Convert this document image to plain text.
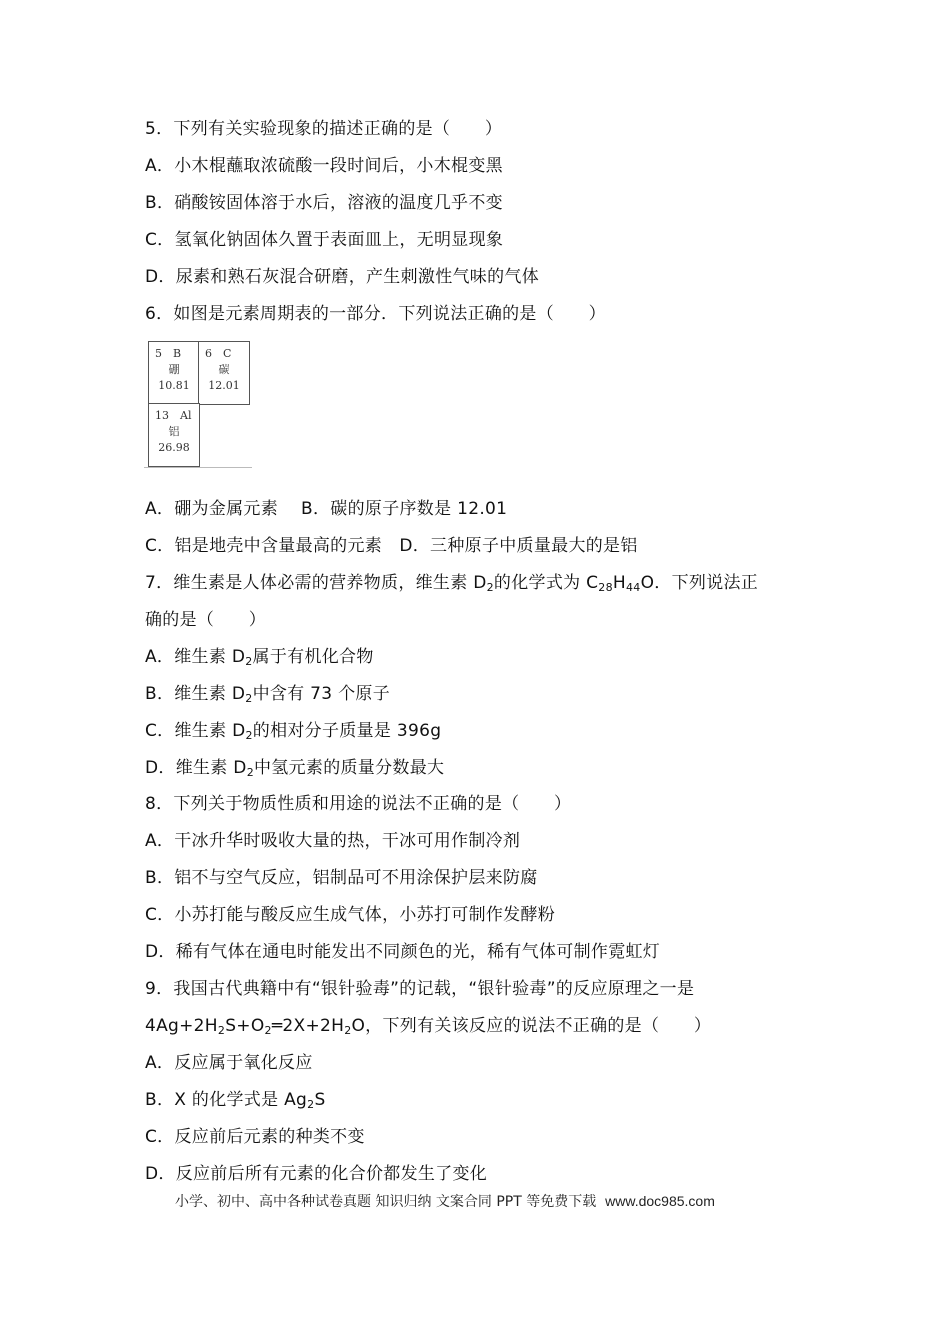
5．下列有关实验现象的描述正确的是（　　）
A．小木棍蘸取浓硫酸一段时间后，小木棍变黑
B．硝酸铵固体溶于水后，溶液的温度几乎不变
C．氢氧化钠固体久置于表面皿上，无明显现象
D．尿素和熟石灰混合研磨，产生刺激性气味的气体
6．如图是元素周期表的一部分．下列说法正确的是（　　）
5　B
硼
10.81
6　C
碳
12.01
13　Al
铝
26.98
A．硼为金属元素　 B．碳的原子序数是 12.01
C．铝是地壳中含量最高的元素　D．三种原子中质量最大的是铝
7．维生素是人体必需的营养物质，维生素 $D_2$的化学式为 $C_{28}H_{44}O$．下列说法正
确的是（　　）
A．维生素 $D_2$属于有机化合物
B．维生素 $D_2$中含有 73 个原子
C．维生素 $D_2$的相对分子质量是 396g
D．维生素 $D_2$中氢元素的质量分数最大
8．下列关于物质性质和用途的说法不正确的是（　　）
A．干冰升华时吸收大量的热，干冰可用作制冷剂
B．铝不与空气反应，铝制品可不用涂保护层来防腐
C．小苏打能与酸反应生成气体，小苏打可制作发酵粉
D．稀有气体在通电时能发出不同颜色的光，稀有气体可制作霓虹灯
9．我国古代典籍中有“银针验毒”的记载，“银针验毒”的反应原理之一是
$4Ag+2H_2S+O_2═2X+2H_2O$，下列有关该反应的说法不正确的是（　　）
A．反应属于氧化反应
B．X 的化学式是 $Ag_2S$
C．反应前后元素的种类不变
D．反应前后所有元素的化合价都发生了变化
小学、初中、高中各种试卷真题 知识归纳 文案合同 PPT 等免费下载 www.doc985.com
